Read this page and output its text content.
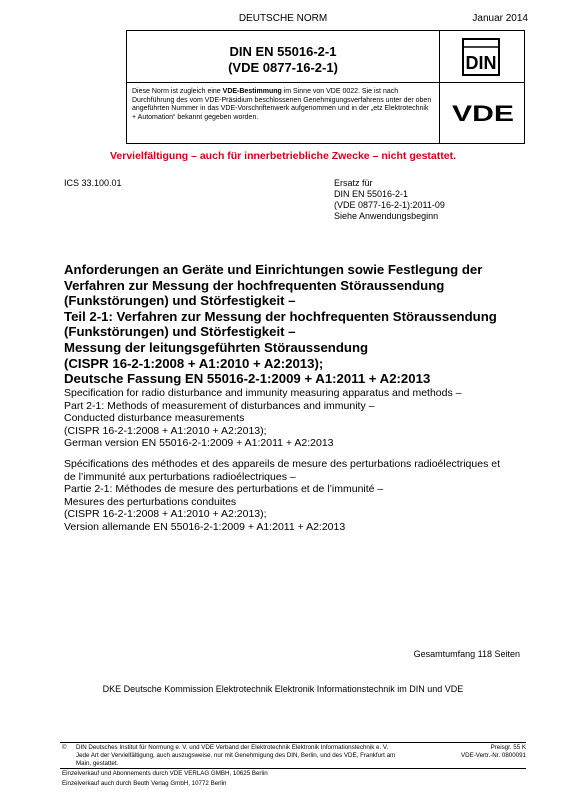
DEUTSCHE NORM	Januar 2014
DIN EN 55016-2-1
(VDE 0877-16-2-1)	DIN
Diese Norm ist zugleich eine VDE-Bestimmung im Sinne von VDE 0022. Sie ist nach Durchführung des vom VDE-Präsidium beschlossenen Genehmigungsverfahrens unter der oben angeführten Nummer in das VDE-Vorschriftenwerk aufgenommen und in der „etz Elektrotechnik + Automation“ bekannt gegeben worden.	VDE
Vervielfältigung – auch für innerbetriebliche Zwecke – nicht gestattet.
ICS 33.100.01	Ersatz für
DIN EN 55016-2-1
(VDE 0877-16-2-1):2011-09
Siehe Anwendungsbeginn
Anforderungen an Geräte und Einrichtungen sowie Festlegung der
Verfahren zur Messung der hochfrequenten Störaussendung
(Funkstörungen) und Störfestigkeit –
Teil 2-1: Verfahren zur Messung der hochfrequenten Störaussendung
(Funkstörungen) und Störfestigkeit –
Messung der leitungsgeführten Störaussendung
(CISPR 16-2-1:2008 + A1:2010 + A2:2013);
Deutsche Fassung EN 55016-2-1:2009 + A1:2011 + A2:2013
Specification for radio disturbance and immunity measuring apparatus and methods –
Part 2-1: Methods of measurement of disturbances and immunity –
Conducted disturbance measurements
(CISPR 16-2-1:2008 + A1:2010 + A2:2013);
German version EN 55016-2-1:2009 + A1:2011 + A2:2013
Spécifications des méthodes et des appareils de mesure des perturbations radioélectriques et
de l’immunité aux perturbations radioélectriques –
Partie 2-1: Méthodes de mesure des perturbations et de l’immunité –
Mesures des perturbations conduites
(CISPR 16-2-1:2008 + A1:2010 + A2:2013);
Version allemande EN 55016-2-1:2009 + A1:2011 + A2:2013
Gesamtumfang 118 Seiten
DKE Deutsche Kommission Elektrotechnik Elektronik Informationstechnik im DIN und VDE
© DIN Deutsches Institut für Normung e. V. und VDE Verband der Elektrotechnik Elektronik Informationstechnik e. V. Jede Art der Vervielfältigung, auch auszugsweise, nur mit Genehmigung des DIN, Berlin, und des VDE, Frankfurt am Main, gestattet.
Preisgr. 55 K
VDE-Vertr.-Nr. 0800091
Einzelverkauf und Abonnements durch VDE VERLAG GMBH, 10625 Berlin
Einzelverkauf auch durch Beuth Verlag GmbH, 10772 Berlin
